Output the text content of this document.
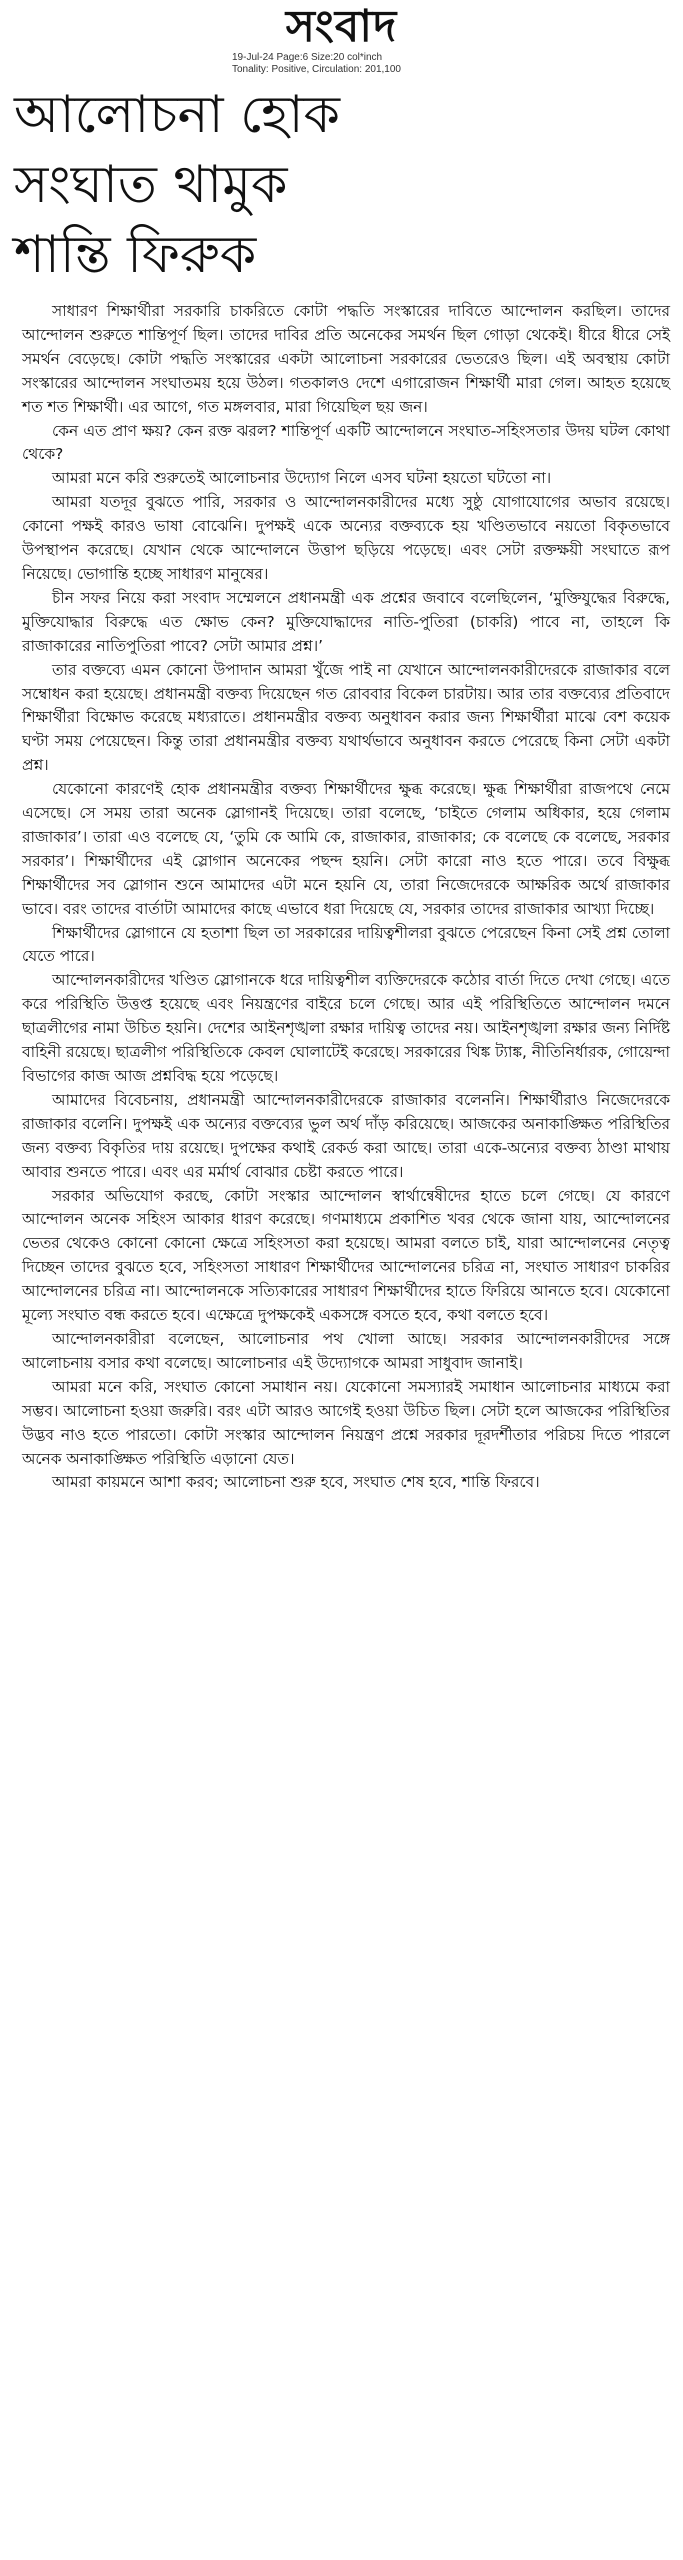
সংবাদ
19-Jul-24 Page:6 Size:20 col*inch
Tonality: Positive, Circulation: 201,100
আলোচনা হোক
সংঘাত থামুক
শান্তি ফিরুক

সাধারণ শিক্ষার্থীরা সরকারি চাকরিতে কোটা পদ্ধতি সংস্কারের দাবিতে আন্দোলন করছিল। তাদের আন্দোলন শুরুতে শান্তিপূর্ণ ছিল। তাদের দাবির প্রতি অনেকের সমর্থন ছিল গোড়া থেকেই। ধীরে ধীরে সেই সমর্থন বেড়েছে। কোটা পদ্ধতি সংস্কারের একটা আলোচনা সরকারের ভেতরেও ছিল। এই অবস্থায় কোটা সংস্কারের আন্দোলন সংঘাতময় হয়ে উঠল। গতকালও দেশে এগারোজন শিক্ষার্থী মারা গেল। আহত হয়েছে শত শত শিক্ষার্থী। এর আগে, গত মঙ্গলবার, মারা গিয়েছিল ছয় জন।

কেন এত প্রাণ ক্ষয়? কেন রক্ত ঝরল? শান্তিপূর্ণ একটি আন্দোলনে সংঘাত-সহিংসতার উদয় ঘটল কোথা থেকে?

আমরা মনে করি শুরুতেই আলোচনার উদ্যোগ নিলে এসব ঘটনা হয়তো ঘটতো না।

আমরা যতদূর বুঝতে পারি, সরকার ও আন্দোলনকারীদের মধ্যে সুষ্ঠু যোগাযোগের অভাব রয়েছে। কোনো পক্ষই কারও ভাষা বোঝেনি। দুপক্ষই একে অন্যের বক্তব্যকে হয় খণ্ডিতভাবে নয়তো বিকৃতভাবে উপস্থাপন করেছে। যেখান থেকে আন্দোলনে উত্তাপ ছড়িয়ে পড়েছে। এবং সেটা রক্তক্ষয়ী সংঘাতে রূপ নিয়েছে। ভোগান্তি হচ্ছে সাধারণ মানুষের।

চীন সফর নিয়ে করা সংবাদ সম্মেলনে প্রধানমন্ত্রী এক প্রশ্নের জবাবে বলেছিলেন, ‘মুক্তিযুদ্ধের বিরুদ্ধে, মুক্তিযোদ্ধার বিরুদ্ধে এত ক্ষোভ কেন? মুক্তিযোদ্ধাদের নাতি-পুতিরা (চাকরি) পাবে না, তাহলে কি রাজাকারের নাতিপুতিরা পাবে? সেটা আমার প্রশ্ন।’

তার বক্তব্যে এমন কোনো উপাদান আমরা খুঁজে পাই না যেখানে আন্দোলনকারীদেরকে রাজাকার বলে সম্বোধন করা হয়েছে। প্রধানমন্ত্রী বক্তব্য দিয়েছেন গত রোববার বিকেল চারটায়। আর তার বক্তব্যের প্রতিবাদে শিক্ষার্থীরা বিক্ষোভ করেছে মধ্যরাতে। প্রধানমন্ত্রীর বক্তব্য অনুধাবন করার জন্য শিক্ষার্থীরা মাঝে বেশ কয়েক ঘণ্টা সময় পেয়েছেন। কিন্তু তারা প্রধানমন্ত্রীর বক্তব্য যথার্থভাবে অনুধাবন করতে পেরেছে কিনা সেটা একটা প্রশ্ন।

যেকোনো কারণেই হোক প্রধানমন্ত্রীর বক্তব্য শিক্ষার্থীদের ক্ষুব্ধ করেছে। ক্ষুব্ধ শিক্ষার্থীরা রাজপথে নেমে এসেছে। সে সময় তারা অনেক স্লোগানই দিয়েছে। তারা বলেছে, ‘চাইতে গেলাম অধিকার, হয়ে গেলাম রাজাকার’। তারা এও বলেছে যে, ‘তুমি কে আমি কে, রাজাকার, রাজাকার; কে বলেছে কে বলেছে, সরকার সরকার’। শিক্ষার্থীদের এই স্লোগান অনেকের পছন্দ হয়নি। সেটা কারো নাও হতে পারে। তবে বিক্ষুব্ধ শিক্ষার্থীদের সব স্লোগান শুনে আমাদের এটা মনে হয়নি যে, তারা নিজেদেরকে আক্ষরিক অর্থে রাজাকার ভাবে। বরং তাদের বার্তাটা আমাদের কাছে এভাবে ধরা দিয়েছে যে, সরকার তাদের রাজাকার আখ্যা দিচ্ছে।

শিক্ষার্থীদের স্লোগানে যে হতাশা ছিল তা সরকারের দায়িত্বশীলরা বুঝতে পেরেছেন কিনা সেই প্রশ্ন তোলা যেতে পারে।

আন্দোলনকারীদের খণ্ডিত স্লোগানকে ধরে দায়িত্বশীল ব্যক্তিদেরকে কঠোর বার্তা দিতে দেখা গেছে। এতে করে পরিস্থিতি উত্তপ্ত হয়েছে এবং নিয়ন্ত্রণের বাইরে চলে গেছে। আর এই পরিস্থিতিতে আন্দোলন দমনে ছাত্রলীগের নামা উচিত হয়নি। দেশের আইনশৃঙ্খলা রক্ষার দায়িত্ব তাদের নয়। আইনশৃঙ্খলা রক্ষার জন্য নির্দিষ্ট বাহিনী রয়েছে। ছাত্রলীগ পরিস্থিতিকে কেবল ঘোলাটেই করেছে। সরকারের থিঙ্ক ট্যাঙ্ক, নীতিনির্ধারক, গোয়েন্দা বিভাগের কাজ আজ প্রশ্নবিদ্ধ হয়ে পড়েছে।

আমাদের বিবেচনায়, প্রধানমন্ত্রী আন্দোলনকারীদেরকে রাজাকার বলেননি। শিক্ষার্থীরাও নিজেদেরকে রাজাকার বলেনি। দুপক্ষই এক অন্যের বক্তব্যের ভুল অর্থ দাঁড় করিয়েছে। আজকের অনাকাঙ্ক্ষিত পরিস্থিতির জন্য বক্তব্য বিকৃতির দায় রয়েছে। দুপক্ষের কথাই রেকর্ড করা আছে। তারা একে-অন্যের বক্তব্য ঠাণ্ডা মাথায় আবার শুনতে পারে। এবং এর মর্মার্থ বোঝার চেষ্টা করতে পারে।

সরকার অভিযোগ করছে, কোটা সংস্কার আন্দোলন স্বার্থান্বেষীদের হাতে চলে গেছে। যে কারণে আন্দোলন অনেক সহিংস আকার ধারণ করেছে। গণমাধ্যমে প্রকাশিত খবর থেকে জানা যায়, আন্দোলনের ভেতর থেকেও কোনো কোনো ক্ষেত্রে সহিংসতা করা হয়েছে। আমরা বলতে চাই, যারা আন্দোলনের নেতৃত্ব দিচ্ছেন তাদের বুঝতে হবে, সহিংসতা সাধারণ শিক্ষার্থীদের আন্দোলনের চরিত্র না, সংঘাত সাধারণ চাকরির আন্দোলনের চরিত্র না। আন্দোলনকে সত্যিকারের সাধারণ শিক্ষার্থীদের হাতে ফিরিয়ে আনতে হবে। যেকোনো মূল্যে সংঘাত বন্ধ করতে হবে। এক্ষেত্রে দুপক্ষকেই একসঙ্গে বসতে হবে, কথা বলতে হবে।

আন্দোলনকারীরা বলেছেন, আলোচনার পথ খোলা আছে। সরকার আন্দোলনকারীদের সঙ্গে আলোচনায় বসার কথা বলেছে। আলোচনার এই উদ্যোগকে আমরা সাধুবাদ জানাই।

আমরা মনে করি, সংঘাত কোনো সমাধান নয়। যেকোনো সমস্যারই সমাধান আলোচনার মাধ্যমে করা সম্ভব। আলোচনা হওয়া জরুরি। বরং এটা আরও আগেই হওয়া উচিত ছিল। সেটা হলে আজকের পরিস্থিতির উদ্ভব নাও হতে পারতো। কোটা সংস্কার আন্দোলন নিয়ন্ত্রণ প্রশ্নে সরকার দূরদর্শীতার পরিচয় দিতে পারলে অনেক অনাকাঙ্ক্ষিত পরিস্থিতি এড়ানো যেত।

আমরা কায়মনে আশা করব; আলোচনা শুরু হবে, সংঘাত শেষ হবে, শান্তি ফিরবে।
